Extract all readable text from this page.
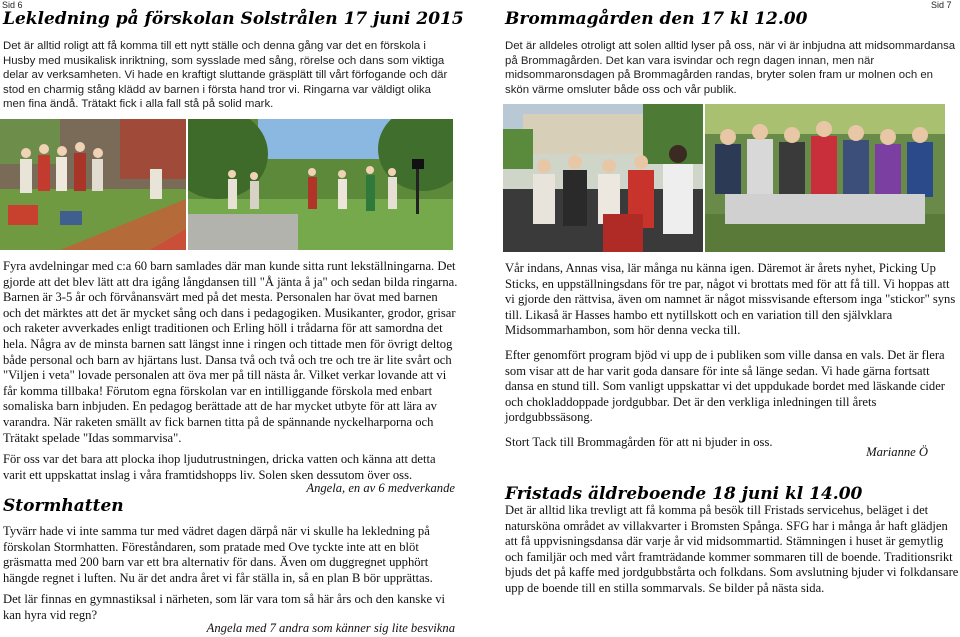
Sid 6
Lekledning på förskolan Solstrålen 17 juni 2015

Det är alltid roligt att få komma till ett nytt ställe och denna gång var det en förskola i Husby med musikalisk inriktning, som sysslade med sång, rörelse och dans som viktiga delar av verksamheten. Vi hade en kraftigt sluttande gräsplätt till vårt förfogande och där stod en charmig stång klädd av barnen i första hand tror vi. Ringarna var väldigt olika men fina ändå. Trätakt fick i alla fall stå på solid mark.

Fyra avdelningar med c:a 60 barn samlades där man kunde sitta runt lekställningarna. Det gjorde att det blev lätt att dra igång långdansen till "Å jänta å ja" och sedan bilda ringarna. Barnen är 3-5 år och förvånansvärt med på det mesta. Personalen har övat med barnen och det märktes att det är mycket sång och dans i pedagogiken. Musikanter, grodor, grisar och raketer avverkades enligt traditionen och Erling höll i trådarna för att samordna det hela. Några av de minsta barnen satt längst inne i ringen och tittade men för övrigt deltog både personal och barn av hjärtans lust. Dansa två och två och tre och tre är lite svårt och "Viljen i veta" lovade personalen att öva mer på till nästa år. Vilket verkar lovande att vi får komma tillbaka! Förutom egna förskolan var en intilliggande förskola med enbart somaliska barn inbjuden. En pedagog berättade att de har mycket utbyte för att lära av varandra. När raketen smällt av fick barnen titta på de spännande nyckelharporna och Trätakt spelade "Idas sommarvisa".

För oss var det bara att plocka ihop ljudutrustningen, dricka vatten och känna att detta varit ett uppskattat inslag i våra framtidshopps liv. Solen sken dessutom över oss.

Angela, en av 6 medverkande
Stormhatten

Tyvärr hade vi inte samma tur med vädret dagen därpå när vi skulle ha lekledning på förskolan Stormhatten. Föreståndaren, som pratade med Ove tyckte inte att en blöt gräsmatta med 200 barn var ett bra alternativ för dans. Även om duggregnet upphört hängde regnet i luften. Nu är det andra året vi får ställa in, så en plan B bör upprättas.

Det lär finnas en gymnastiksal i närheten, som lär vara tom så här års och den kanske vi kan hyra vid regn?

Angela med 7 andra som känner sig lite besvikna
Sid 7
Brommagården den 17 kl 12.00

Det är alldeles otroligt att solen alltid lyser på oss, när vi är inbjudna att midsommardansa på Brommagården. Det kan vara isvindar och regn dagen innan, men när midsommaronsdagen på Brommagården randas, bryter solen fram ur molnen och en skön värme omsluter både oss och vår publik.

Vår indans, Annas visa, lär många nu känna igen. Däremot är årets nyhet, Picking Up Sticks, en uppställningsdans för tre par, något vi brottats med för att få till. Vi hoppas att vi gjorde den rättvisa, även om namnet är något missvisande eftersom inga "stickor" syns till. Likaså är Hasses hambo ett nytillskott och en variation till den självklara Midsommarhambon, som hör denna vecka till.

Efter genomfört program bjöd vi upp de i publiken som ville dansa en vals. Det är flera som visar att de har varit goda dansare för inte så länge sedan. Vi hade gärna fortsatt dansa en stund till. Som vanligt uppskattar vi det uppdukade bordet med läskande cider och chokladdoppade jordgubbar. Det är den verkliga inledningen till årets jordgubbssäsong.

Stort Tack till Brommagården för att ni bjuder in oss.

Marianne Ö
Fristads äldreboende 18 juni kl 14.00

Det är alltid lika trevligt att få komma på besök till Fristads servicehus, beläget i det natursköna området av villakvarter i Bromsten Spånga. SFG har i många år haft glädjen att få uppvisningsdansa där varje år vid midsommartid. Stämningen i huset är gemytlig och familjär och med vårt framträdande kommer sommaren till de boende. Traditionsrikt bjuds det på kaffe med jordgubbstårta och folkdans. Som avslutning bjuder vi folkdansare upp de boende till en stilla sommarvals. Se bilder på nästa sida.
